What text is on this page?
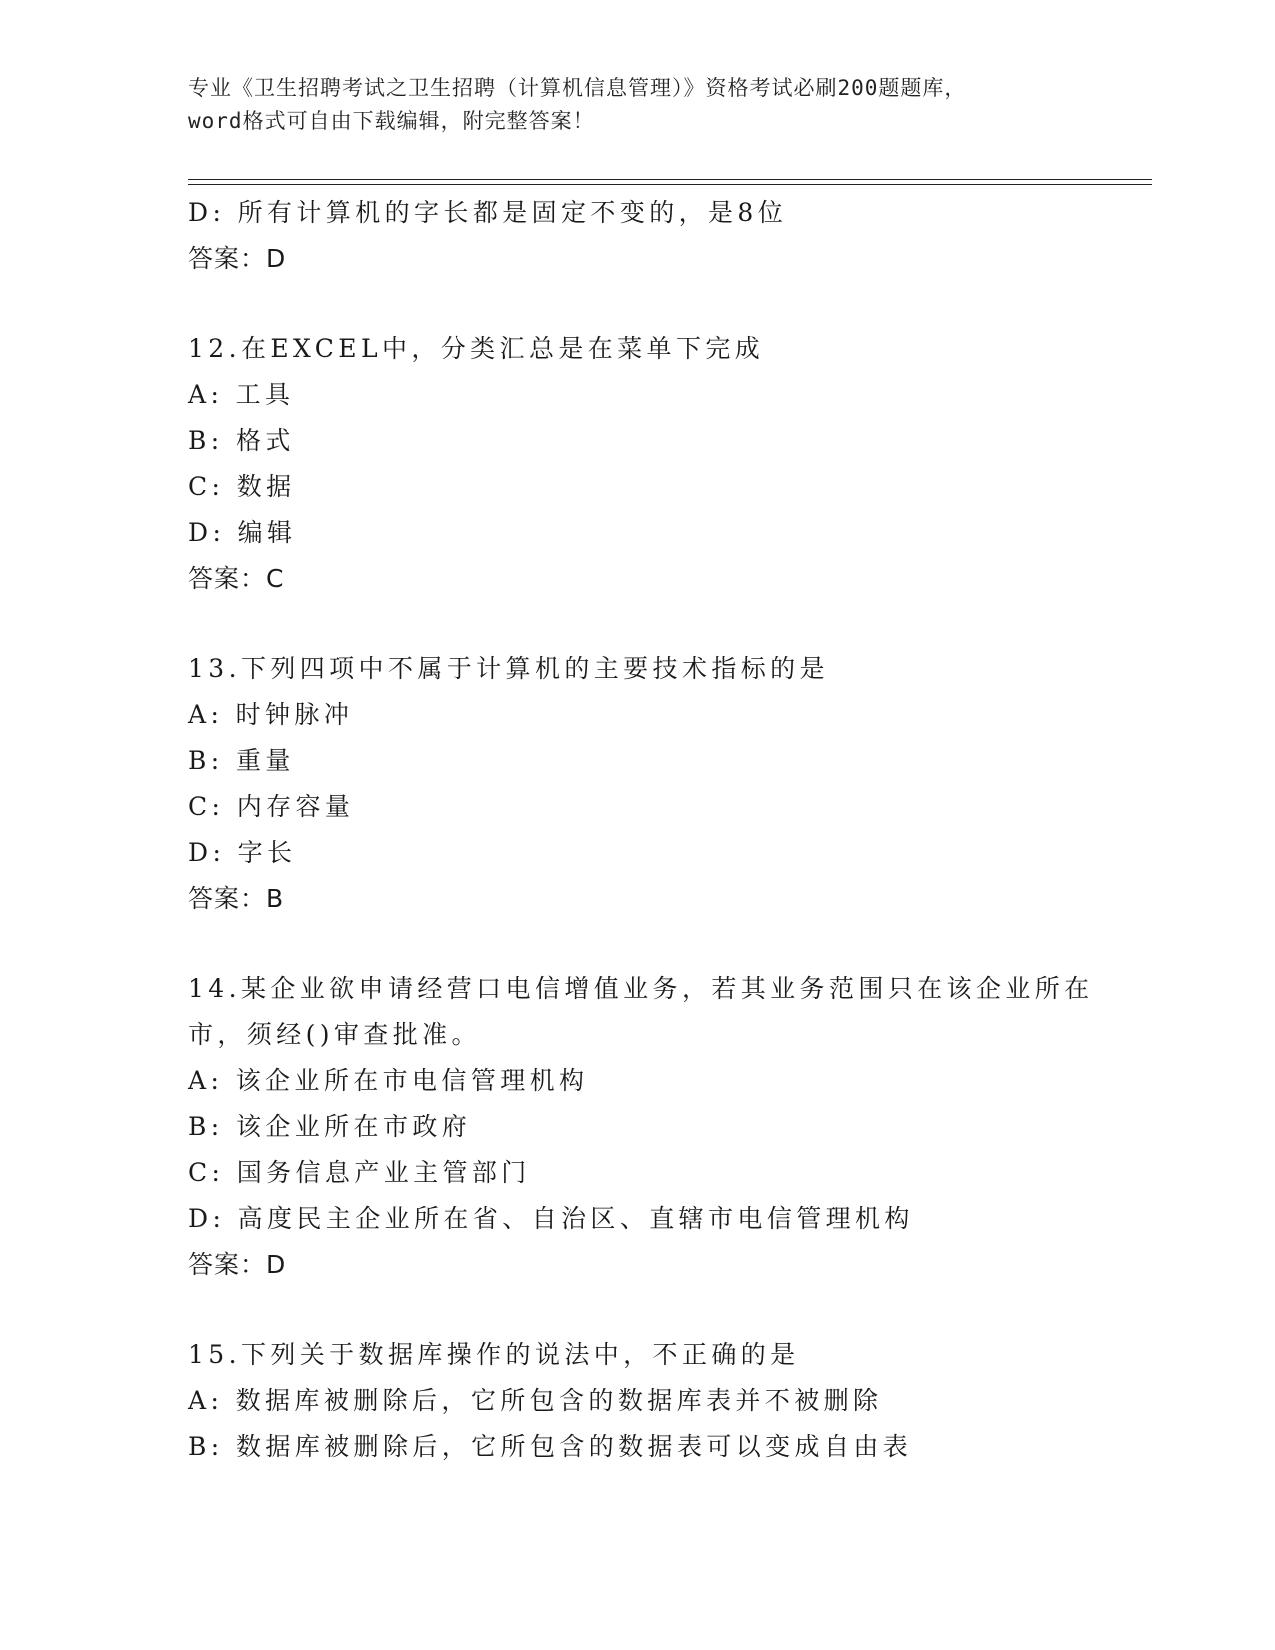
专业《卫生招聘考试之卫生招聘（计算机信息管理）》资格考试必刷200题题库，
word格式可自由下载编辑，附完整答案！
D: 所有计算机的字长都是固定不变的，是8位
答案：D
12.在EXCEL中，分类汇总是在菜单下完成
A: 工具
B: 格式
C: 数据
D: 编辑
答案：C
13.下列四项中不属于计算机的主要技术指标的是
A: 时钟脉冲
B: 重量
C: 内存容量
D: 字长
答案：B
14.某企业欲申请经营口电信增值业务，若其业务范围只在该企业所在
市，须经()审查批准。
A: 该企业所在市电信管理机构
B: 该企业所在市政府
C: 国务信息产业主管部门
D: 高度民主企业所在省、自治区、直辖市电信管理机构
答案：D
15.下列关于数据库操作的说法中，不正确的是
A: 数据库被删除后，它所包含的数据库表并不被删除
B: 数据库被删除后，它所包含的数据表可以变成自由表
